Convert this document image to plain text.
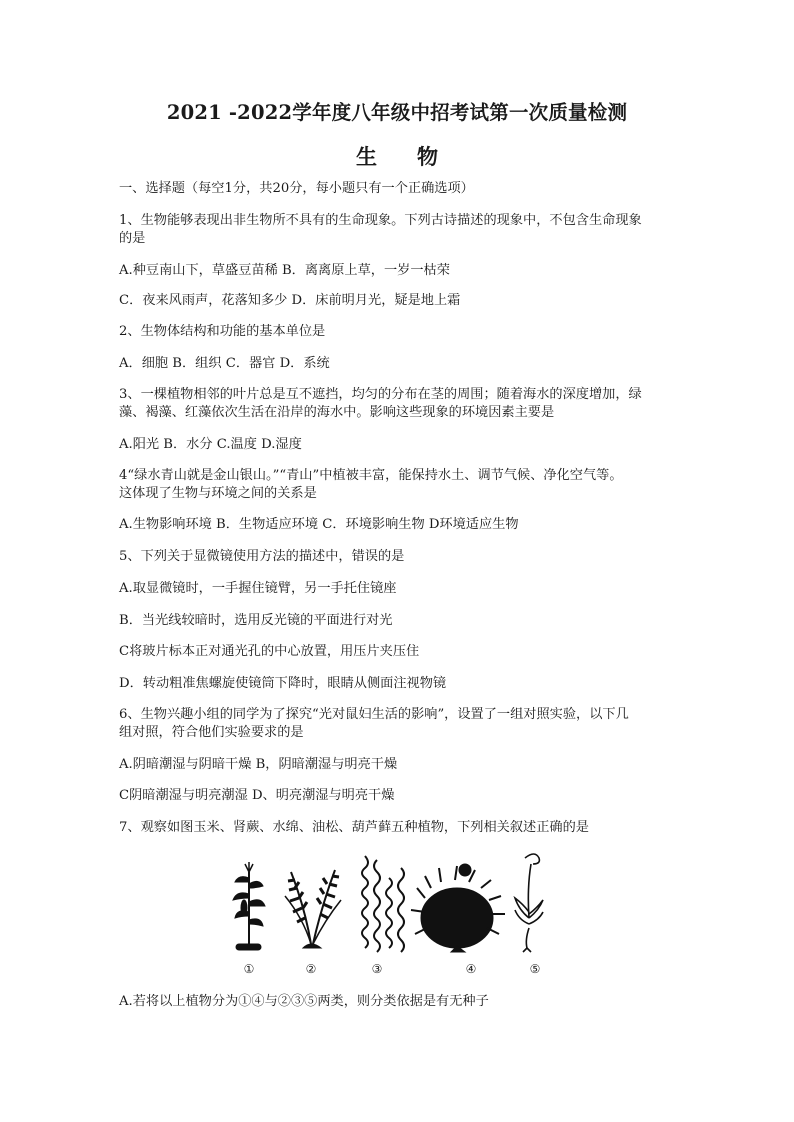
2021 -2022学年度八年级中招考试第一次质量检测
生 物
一、选择题（每空1分，共20分，每小题只有一个正确选项）
1、生物能够表现出非生物所不具有的生命现象。下列古诗描述的现象中，不包含生命现象
的是
A.种豆南山下，草盛豆苗稀 B．离离原上草，一岁一枯荣
C．夜来风雨声，花落知多少 D．床前明月光，疑是地上霜
2、生物体结构和功能的基本单位是
A．细胞 B．组织 C．器官 D．系统
3、一棵植物相邻的叶片总是互不遮挡，均匀的分布在茎的周围；随着海水的深度增加，绿
藻、褐藻、红藻依次生活在沿岸的海水中。影响这些现象的环境因素主要是
A.阳光 B．水分 C.温度 D.湿度
4“绿水青山就是金山银山。”“青山”中植被丰富，能保持水土、调节气候、净化空气等。
这体现了生物与环境之间的关系是
A.生物影响环境 B．生物适应环境 C．环境影响生物 D环境适应生物
5、下列关于显微镜使用方法的描述中，错误的是
A.取显微镜时，一手握住镜臂，另一手托住镜座
B．当光线较暗时，选用反光镜的平面进行对光
C将玻片标本正对通光孔的中心放置，用压片夹压住
D．转动粗准焦螺旋使镜筒下降时，眼睛从侧面注视物镜
6、生物兴趣小组的同学为了探究“光对鼠妇生活的影响”，设置了一组对照实验，以下几
组对照，符合他们实验要求的是
A.阴暗潮湿与阴暗干燥 B，阴暗潮湿与明亮干燥
C阴暗潮湿与明亮潮湿 D、明亮潮湿与明亮干燥
7、观察如图玉米、肾蕨、水绵、油松、葫芦藓五种植物，下列相关叙述正确的是
①	②	③	④	⑤
A.若将以上植物分为①④与②③⑤两类，则分类依据是有无种子
